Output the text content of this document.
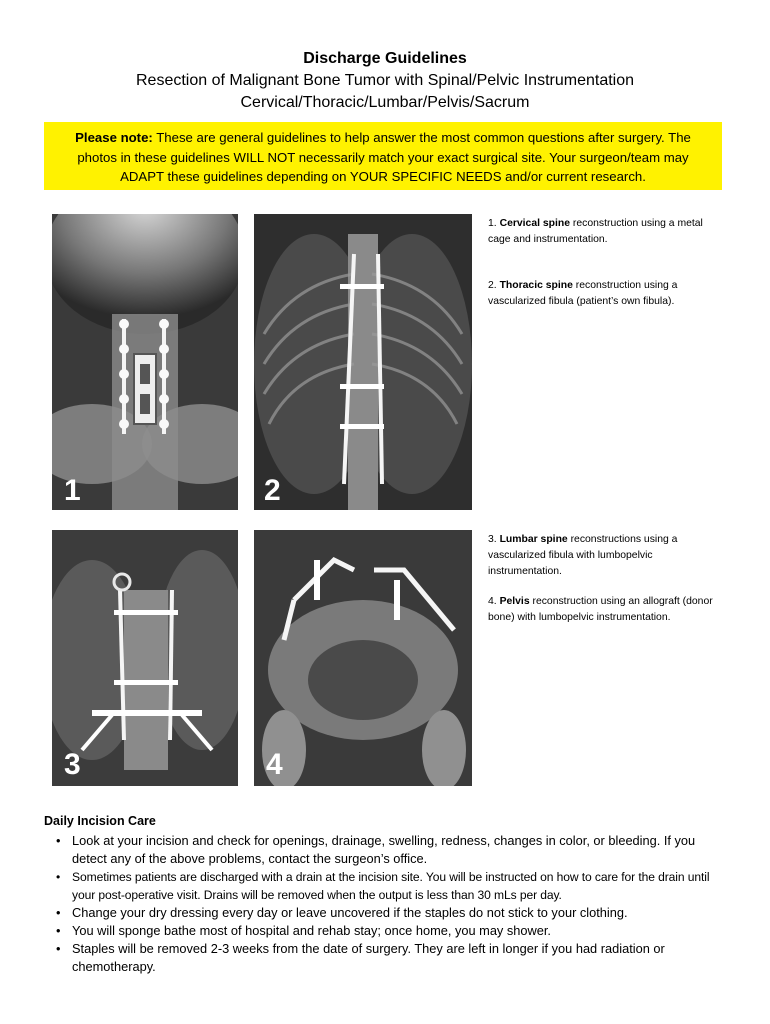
Discharge Guidelines
Resection of Malignant Bone Tumor with Spinal/Pelvic Instrumentation
Cervical/Thoracic/Lumbar/Pelvis/Sacrum
Please note: These are general guidelines to help answer the most common questions after surgery. The photos in these guidelines WILL NOT necessarily match your exact surgical site. Your surgeon/team may ADAPT these guidelines depending on YOUR SPECIFIC NEEDS and/or current research.
1	2
3	4
1. Cervical spine reconstruction using a metal cage and instrumentation.
2. Thoracic spine reconstruction using a vascularized fibula (patient’s own fibula).
3. Lumbar spine reconstructions using a vascularized fibula with lumbopelvic instrumentation.
4. Pelvis reconstruction using an allograft (donor bone) with lumbopelvic instrumentation.
Daily Incision Care
• Look at your incision and check for openings, drainage, swelling, redness, changes in color, or bleeding. If you detect any of the above problems, contact the surgeon’s office.
• Sometimes patients are discharged with a drain at the incision site. You will be instructed on how to care for the drain until your post-operative visit. Drains will be removed when the output is less than 30 mLs per day.
• Change your dry dressing every day or leave uncovered if the staples do not stick to your clothing.
• You will sponge bathe most of hospital and rehab stay; once home, you may shower.
• Staples will be removed 2-3 weeks from the date of surgery. They are left in longer if you had radiation or chemotherapy.
